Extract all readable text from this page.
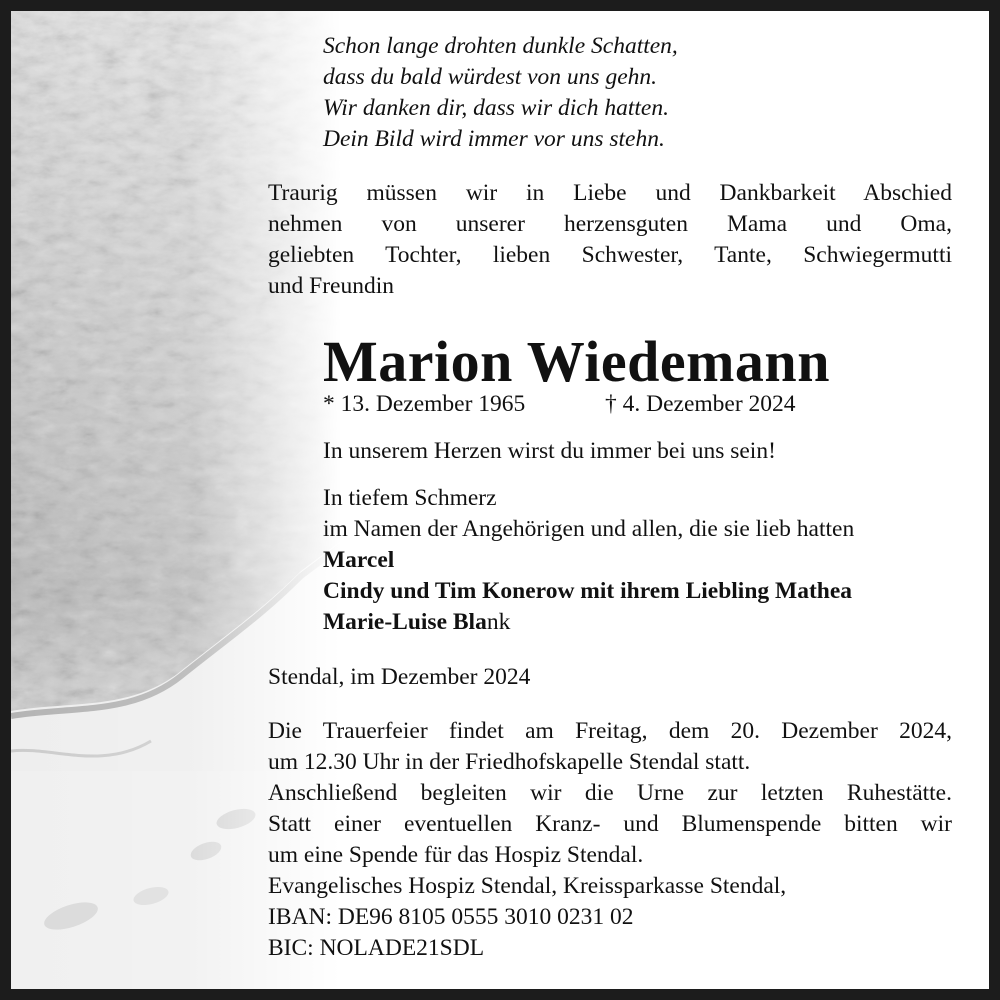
Schon lange drohten dunkle Schatten,
dass du bald würdest von uns gehn.
Wir danken dir, dass wir dich hatten.
Dein Bild wird immer vor uns stehn.
Traurig müssen wir in Liebe und Dankbarkeit Abschied
nehmen von unserer herzensguten Mama und Oma,
geliebten Tochter, lieben Schwester, Tante, Schwiegermutti
und Freundin
Marion Wiedemann
* 13. Dezember 1965	† 4. Dezember 2024
In unserem Herzen wirst du immer bei uns sein!
In tiefem Schmerz
im Namen der Angehörigen und allen, die sie lieb hatten
Marcel
Cindy und Tim Konerow mit ihrem Liebling Mathea
Marie-Luise Blank
Stendal, im Dezember 2024
Die Trauerfeier findet am Freitag, dem 20. Dezember 2024,
um 12.30 Uhr in der Friedhofskapelle Stendal statt.
Anschließend begleiten wir die Urne zur letzten Ruhestätte.
Statt einer eventuellen Kranz- und Blumenspende bitten wir
um eine Spende für das Hospiz Stendal.
Evangelisches Hospiz Stendal, Kreissparkasse Stendal,
IBAN: DE96 8105 0555 3010 0231 02
BIC: NOLADE21SDL
